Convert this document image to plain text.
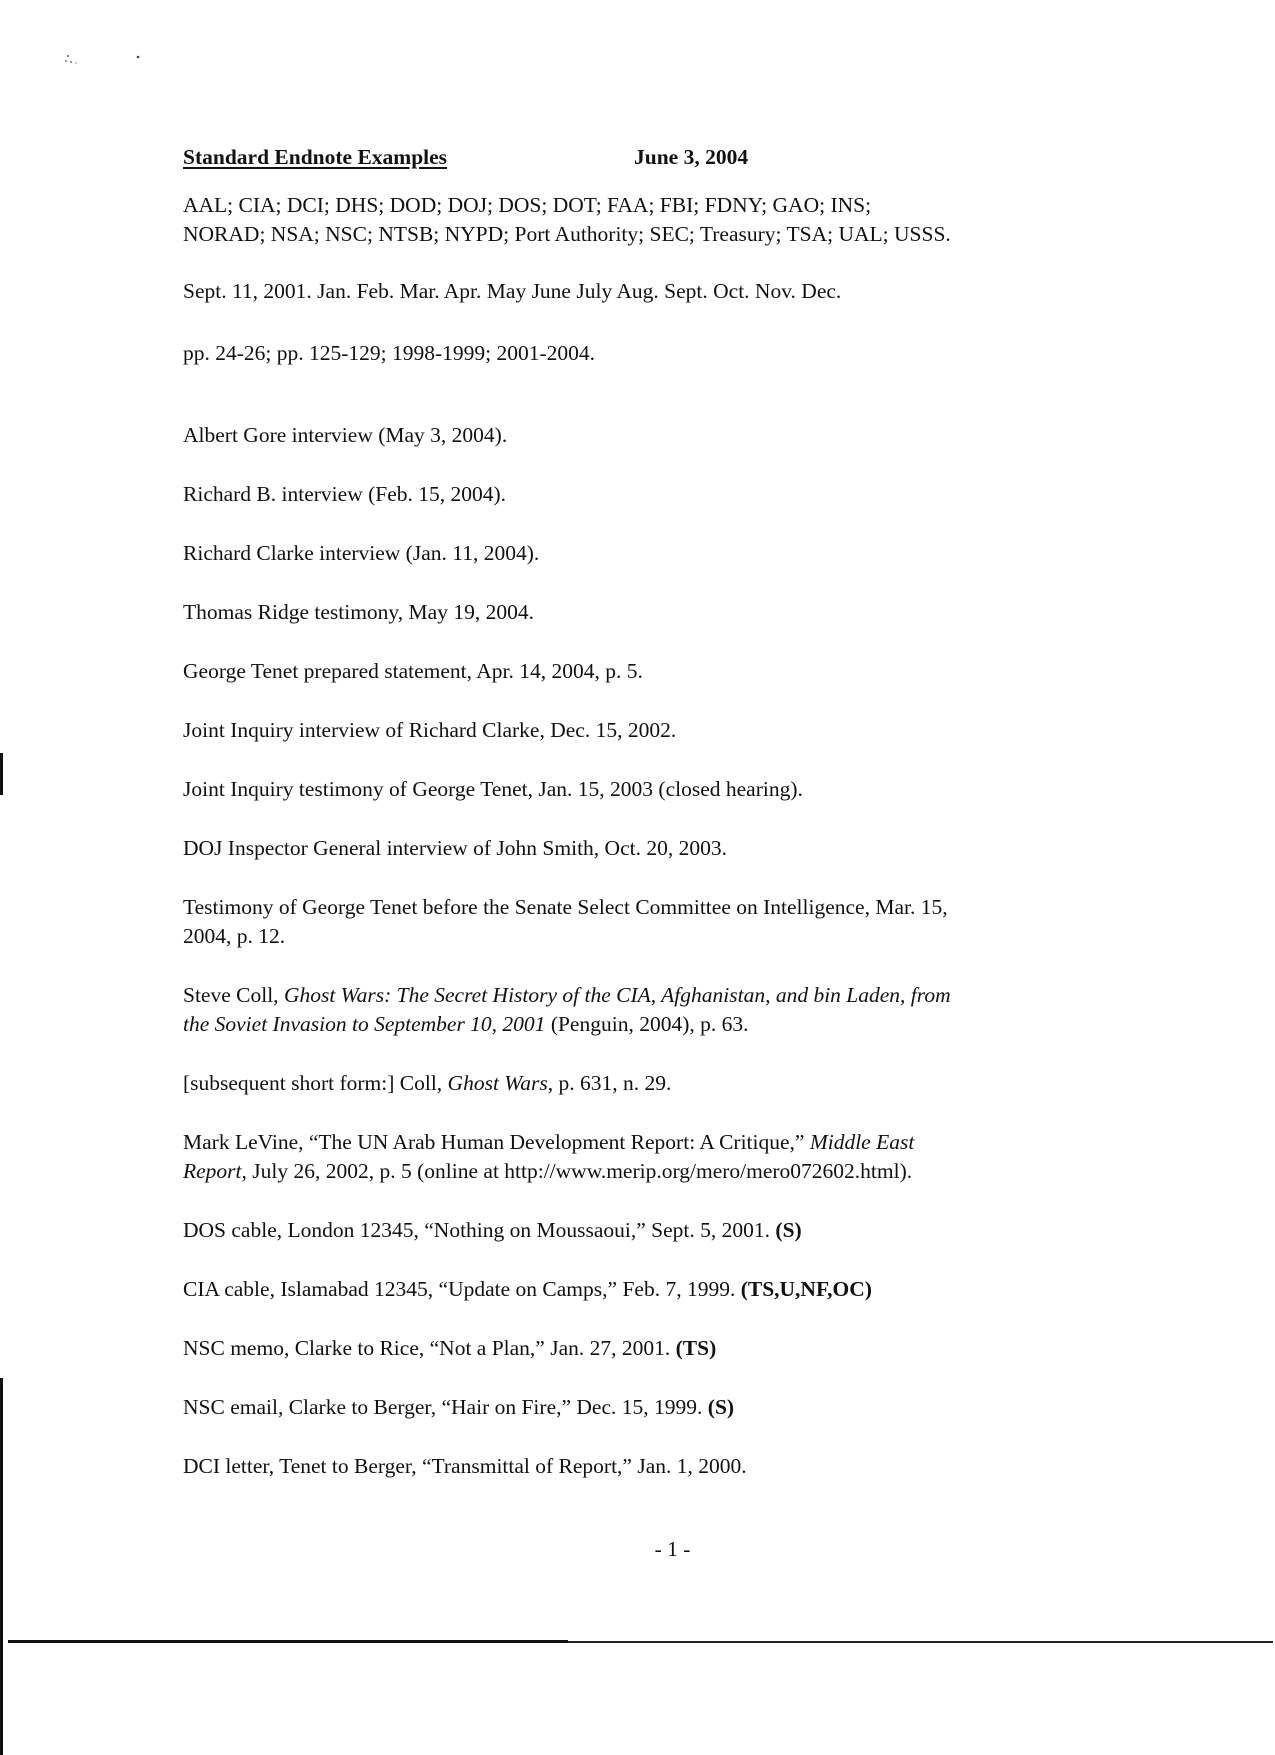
Standard Endnote Examples	June 3, 2004

AAL; CIA; DCI; DHS; DOD; DOJ; DOS; DOT; FAA; FBI; FDNY; GAO; INS;
NORAD; NSA; NSC; NTSB; NYPD; Port Authority; SEC; Treasury; TSA; UAL; USSS.

Sept. 11, 2001. Jan. Feb. Mar. Apr. May June July Aug. Sept. Oct. Nov. Dec.

pp. 24-26; pp. 125-129; 1998-1999; 2001-2004.

Albert Gore interview (May 3, 2004).

Richard B. interview (Feb. 15, 2004).

Richard Clarke interview (Jan. 11, 2004).

Thomas Ridge testimony, May 19, 2004.

George Tenet prepared statement, Apr. 14, 2004, p. 5.

Joint Inquiry interview of Richard Clarke, Dec. 15, 2002.

Joint Inquiry testimony of George Tenet, Jan. 15, 2003 (closed hearing).

DOJ Inspector General interview of John Smith, Oct. 20, 2003.

Testimony of George Tenet before the Senate Select Committee on Intelligence, Mar. 15,
2004, p. 12.

Steve Coll, Ghost Wars: The Secret History of the CIA, Afghanistan, and bin Laden, from
the Soviet Invasion to September 10, 2001 (Penguin, 2004), p. 63.

[subsequent short form:] Coll, Ghost Wars, p. 631, n. 29.

Mark LeVine, “The UN Arab Human Development Report: A Critique,” Middle East
Report, July 26, 2002, p. 5 (online at http://www.merip.org/mero/mero072602.html).

DOS cable, London 12345, “Nothing on Moussaoui,” Sept. 5, 2001. (S)

CIA cable, Islamabad 12345, “Update on Camps,” Feb. 7, 1999. (TS,U,NF,OC)

NSC memo, Clarke to Rice, “Not a Plan,” Jan. 27, 2001. (TS)

NSC email, Clarke to Berger, “Hair on Fire,” Dec. 15, 1999. (S)

DCI letter, Tenet to Berger, “Transmittal of Report,” Jan. 1, 2000.

- 1 -
